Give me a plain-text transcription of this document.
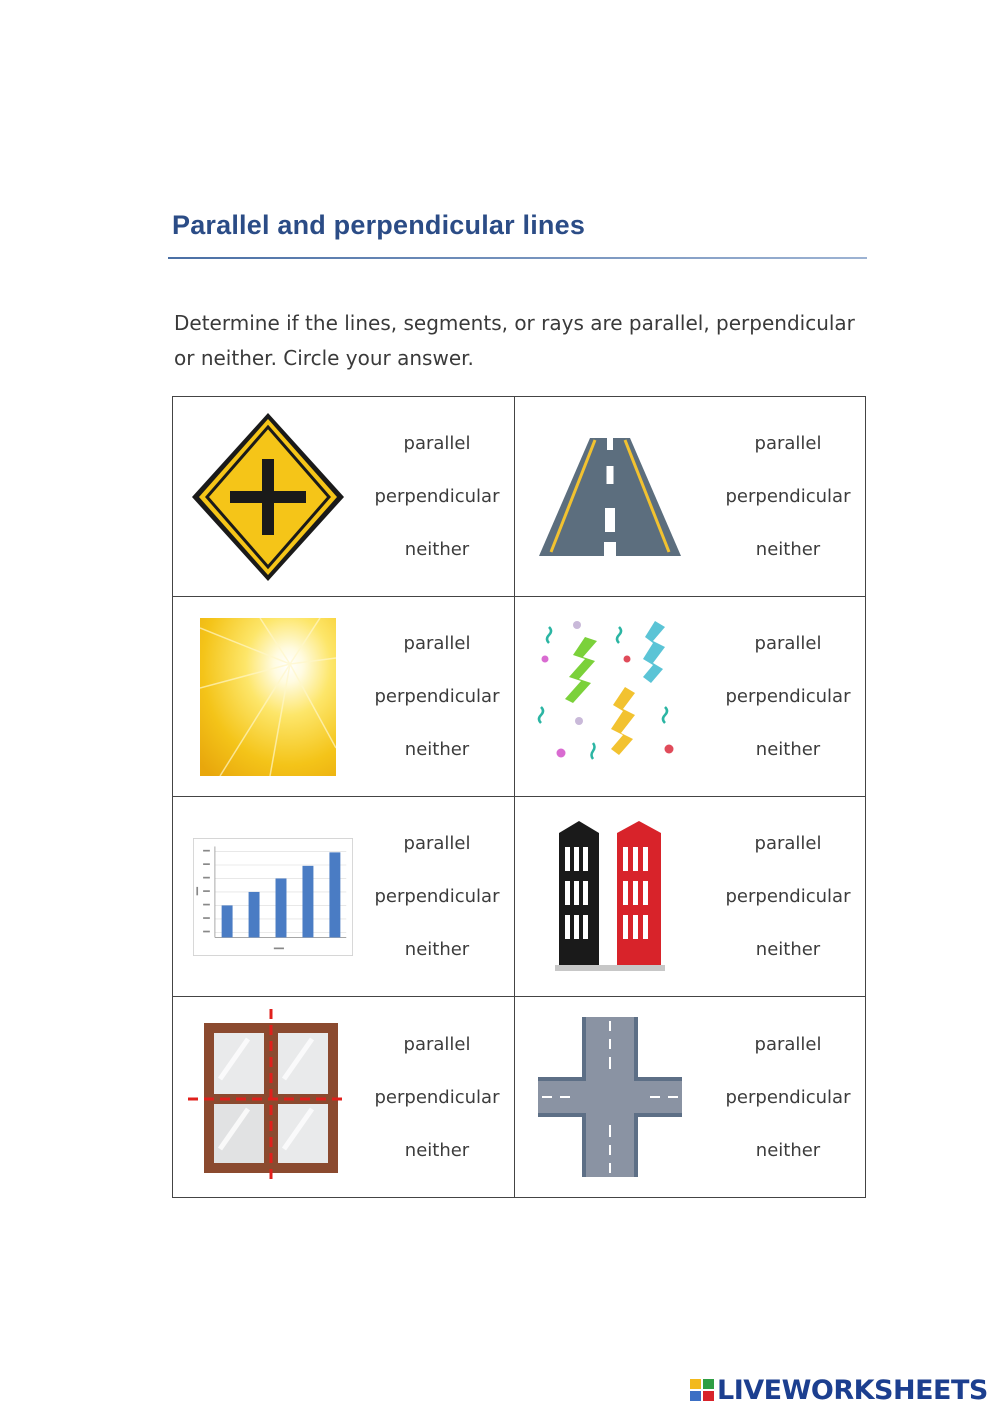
Parallel and perpendicular lines
Determine if the lines, segments, or rays are parallel, perpendicular or neither. Circle your answer.
parallel
perpendicular
neither
parallel
perpendicular
neither
parallel
perpendicular
neither
parallel
perpendicular
neither
parallel
perpendicular
neither
parallel
perpendicular
neither
parallel
perpendicular
neither
parallel
perpendicular
neither
LIVEWORKSHEETS
